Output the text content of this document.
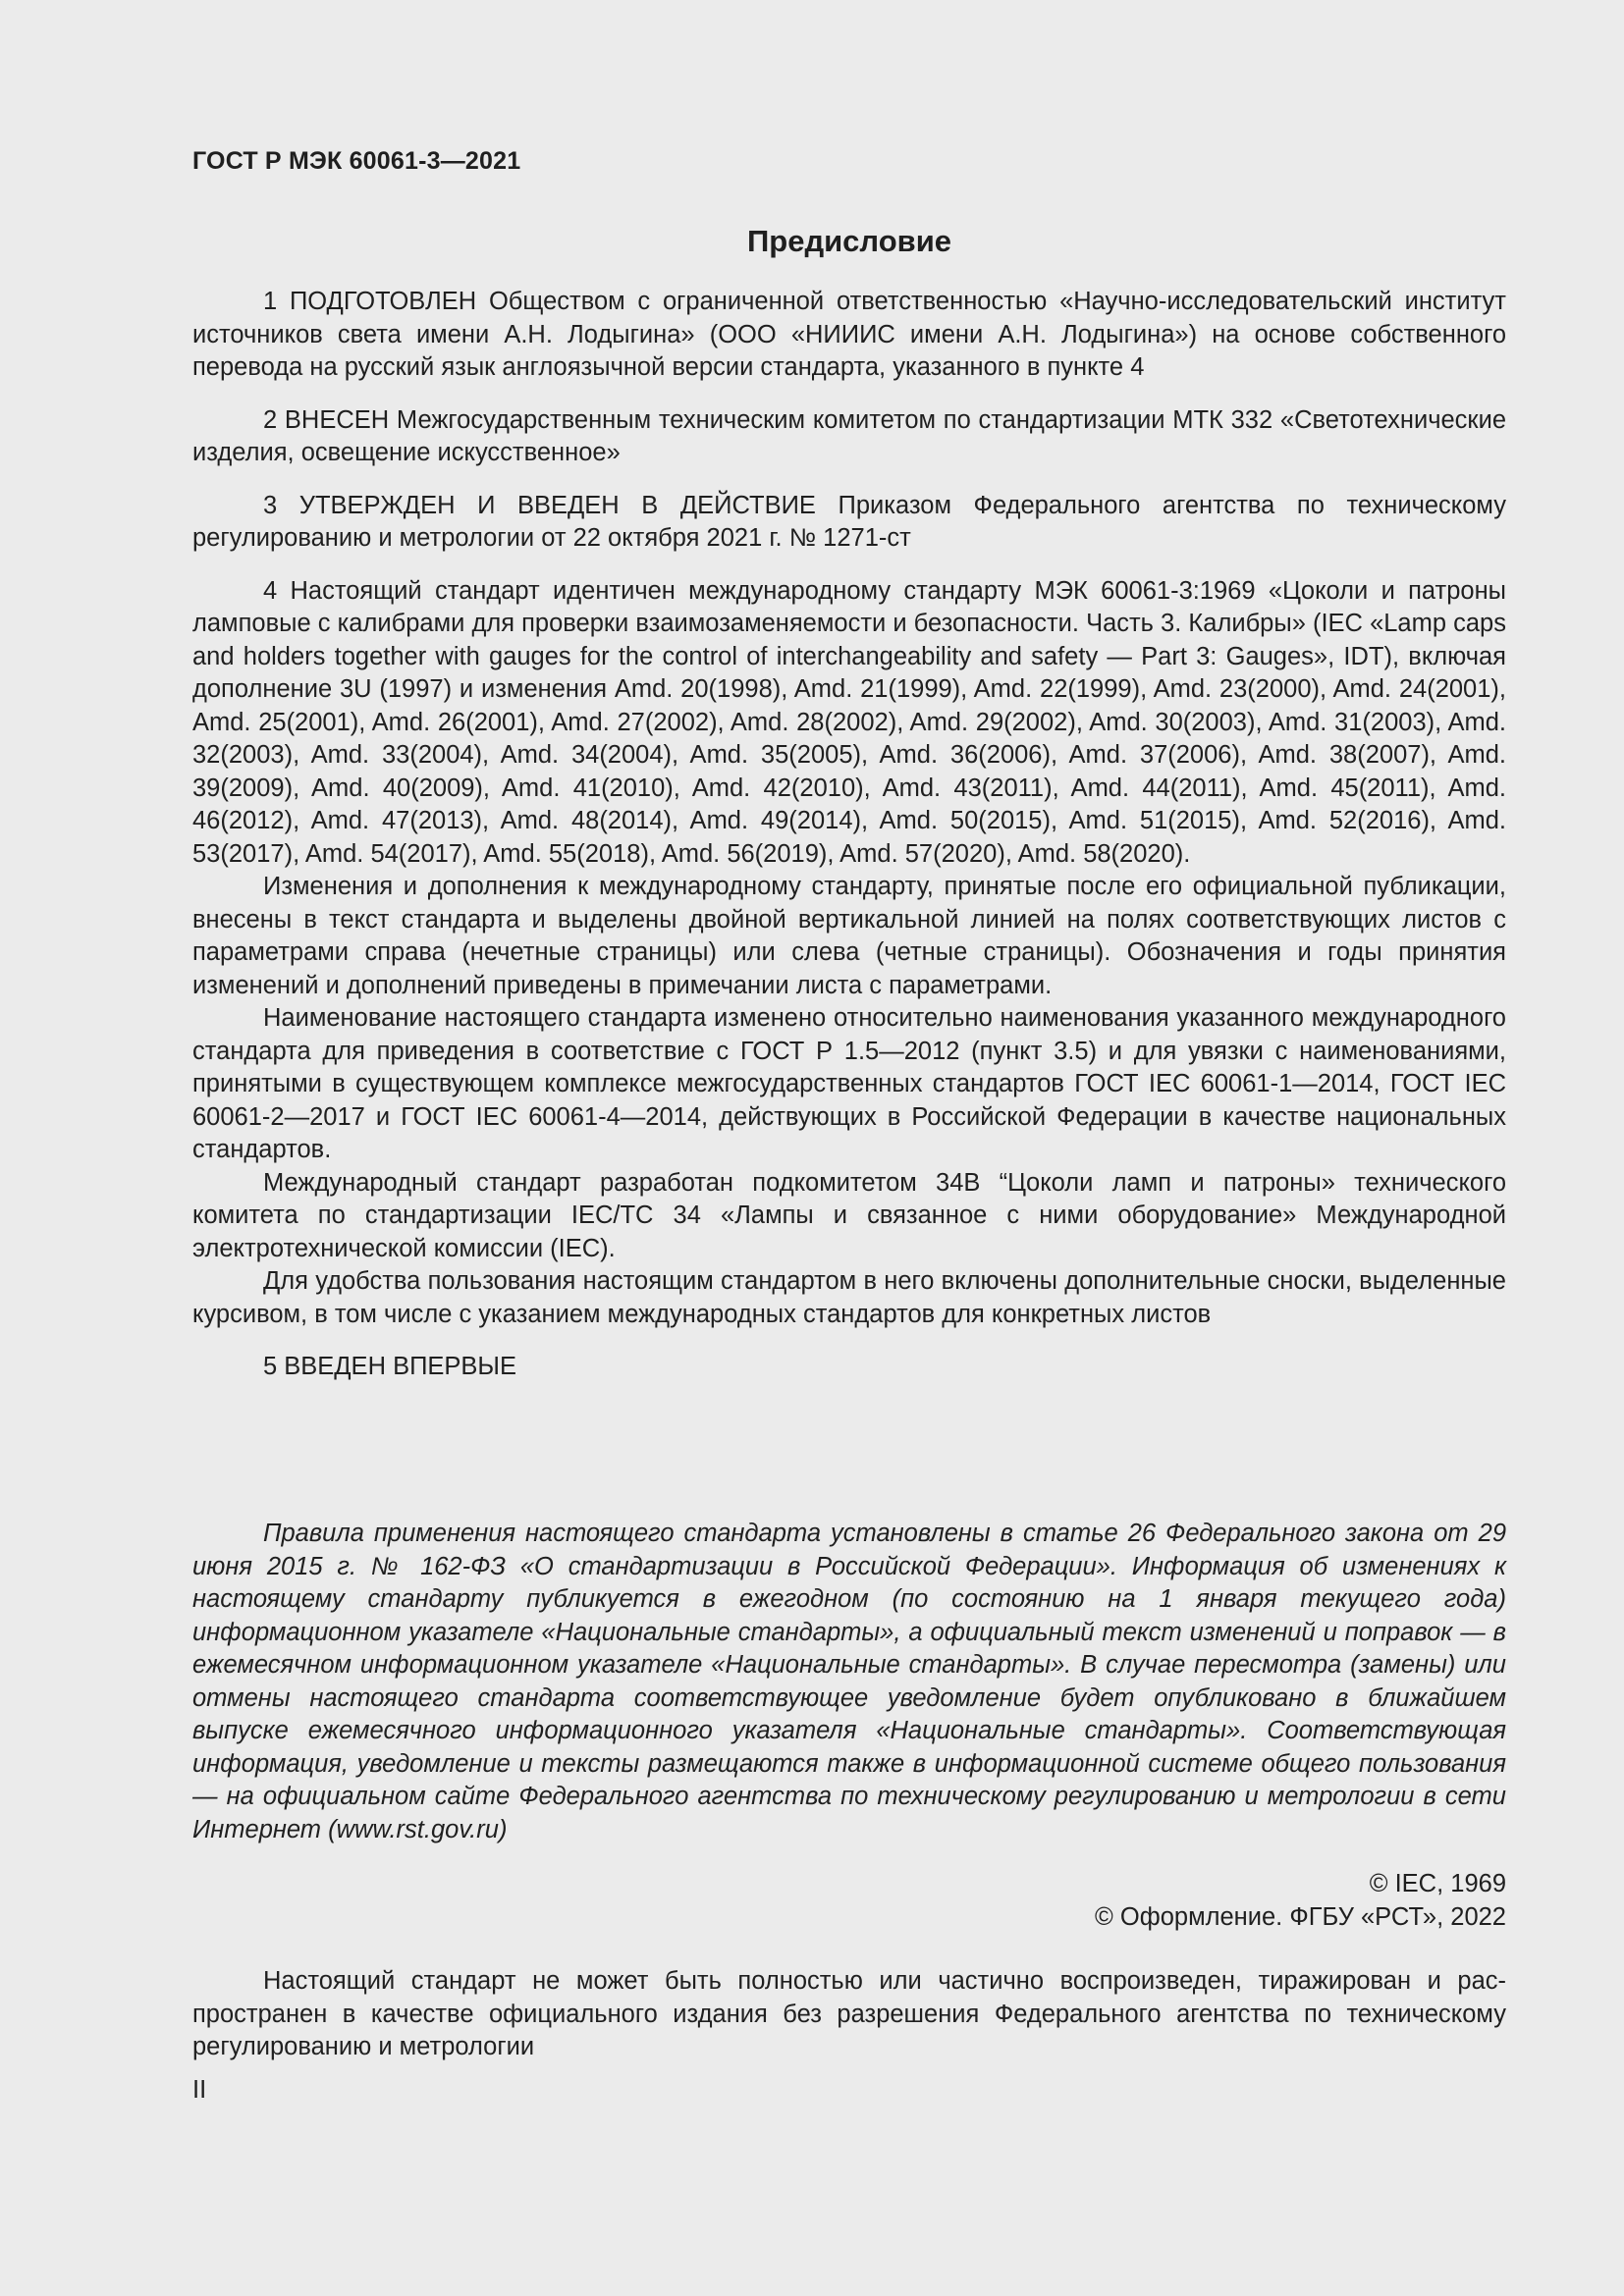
ГОСТ Р МЭК 60061-3—2021
Предисловие

1 ПОДГОТОВЛЕН Обществом с ограниченной ответственностью «Научно-исследовательский институт источников света имени А.Н. Лодыгина» (ООО «НИИИС имени А.Н. Лодыгина») на основе собственного перевода на русский язык англоязычной версии стандарта, указанного в пункте 4

2 ВНЕСЕН Межгосударственным техническим комитетом по стандартизации МТК 332 «Светотехнические изделия, освещение искусственное»

3 УТВЕРЖДЕН И ВВЕДЕН В ДЕЙСТВИЕ Приказом Федерального агентства по техническому регулированию и метрологии от 22 октября 2021 г. № 1271-ст

4 Настоящий стандарт идентичен международному стандарту МЭК 60061-3:1969 «Цоколи и патроны ламповые с калибрами для проверки взаимозаменяемости и безопасности. Часть 3. Калибры» (IEC «Lamp caps and holders together with gauges for the control of interchangeability and safety — Part 3: Gauges», IDT), включая дополнение 3U (1997) и изменения Amd. 20(1998), Amd. 21(1999), Amd. 22(1999), Amd. 23(2000), Amd. 24(2001), Amd. 25(2001), Amd. 26(2001), Amd. 27(2002), Amd. 28(2002), Amd. 29(2002), Amd. 30(2003), Amd. 31(2003), Amd. 32(2003), Amd. 33(2004), Amd. 34(2004), Amd. 35(2005), Amd. 36(2006), Amd. 37(2006), Amd. 38(2007), Amd. 39(2009), Amd. 40(2009), Amd. 41(2010), Amd. 42(2010), Amd. 43(2011), Amd. 44(2011), Amd. 45(2011), Amd. 46(2012), Amd. 47(2013), Amd. 48(2014), Amd. 49(2014), Amd. 50(2015), Amd. 51(2015), Amd. 52(2016), Amd. 53(2017), Amd. 54(2017), Amd. 55(2018), Amd. 56(2019), Amd. 57(2020), Amd. 58(2020).

Изменения и дополнения к международному стандарту, принятые после его официальной публикации, внесены в текст стандарта и выделены двойной вертикальной линией на полях соответствующих листов с параметрами справа (нечетные страницы) или слева (четные страницы). Обозначения и годы принятия изменений и дополнений приведены в примечании листа с параметрами.

Наименование настоящего стандарта изменено относительно наименования указанного международного стандарта для приведения в соответствие с ГОСТ Р 1.5—2012 (пункт 3.5) и для увязки с наименованиями, принятыми в существующем комплексе межгосударственных стандартов ГОСТ IEC 60061-1—2014, ГОСТ IEC 60061-2—2017 и ГОСТ IEC 60061-4—2014, действующих в Российской Федерации в качестве национальных стандартов.

Международный стандарт разработан подкомитетом 34В “Цоколи ламп и патроны» технического комитета по стандартизации IEC/TC 34 «Лампы и связанное с ними оборудование» Международной электротехнической комиссии (IEC).

Для удобства пользования настоящим стандартом в него включены дополнительные сноски, выделенные курсивом, в том числе с указанием международных стандартов для конкретных листов

5 ВВЕДЕН ВПЕРВЫЕ

Правила применения настоящего стандарта установлены в статье 26 Федерального закона от 29 июня 2015 г. № 162-ФЗ «О стандартизации в Российской Федерации». Информация об изменениях к настоящему стандарту публикуется в ежегодном (по состоянию на 1 января текущего года) информационном указателе «Национальные стандарты», а официальный текст изменений и поправок — в ежемесячном информационном указателе «Национальные стандарты». В случае пересмотра (замены) или отмены настоящего стандарта соответствующее уведомление будет опубликовано в ближайшем выпуске ежемесячного информационного указателя «Национальные стандарты». Соответствующая информация, уведомление и тексты размещаются также в информационной системе общего пользования — на официальном сайте Федерального агентства по техническому регулированию и метрологии в сети Интернет (www.rst.gov.ru)

© IEC, 1969
© Оформление. ФГБУ «РСТ», 2022

Настоящий стандарт не может быть полностью или частично воспроизведен, тиражирован и распространен в качестве официального издания без разрешения Федерального агентства по техническому регулированию и метрологии

II
